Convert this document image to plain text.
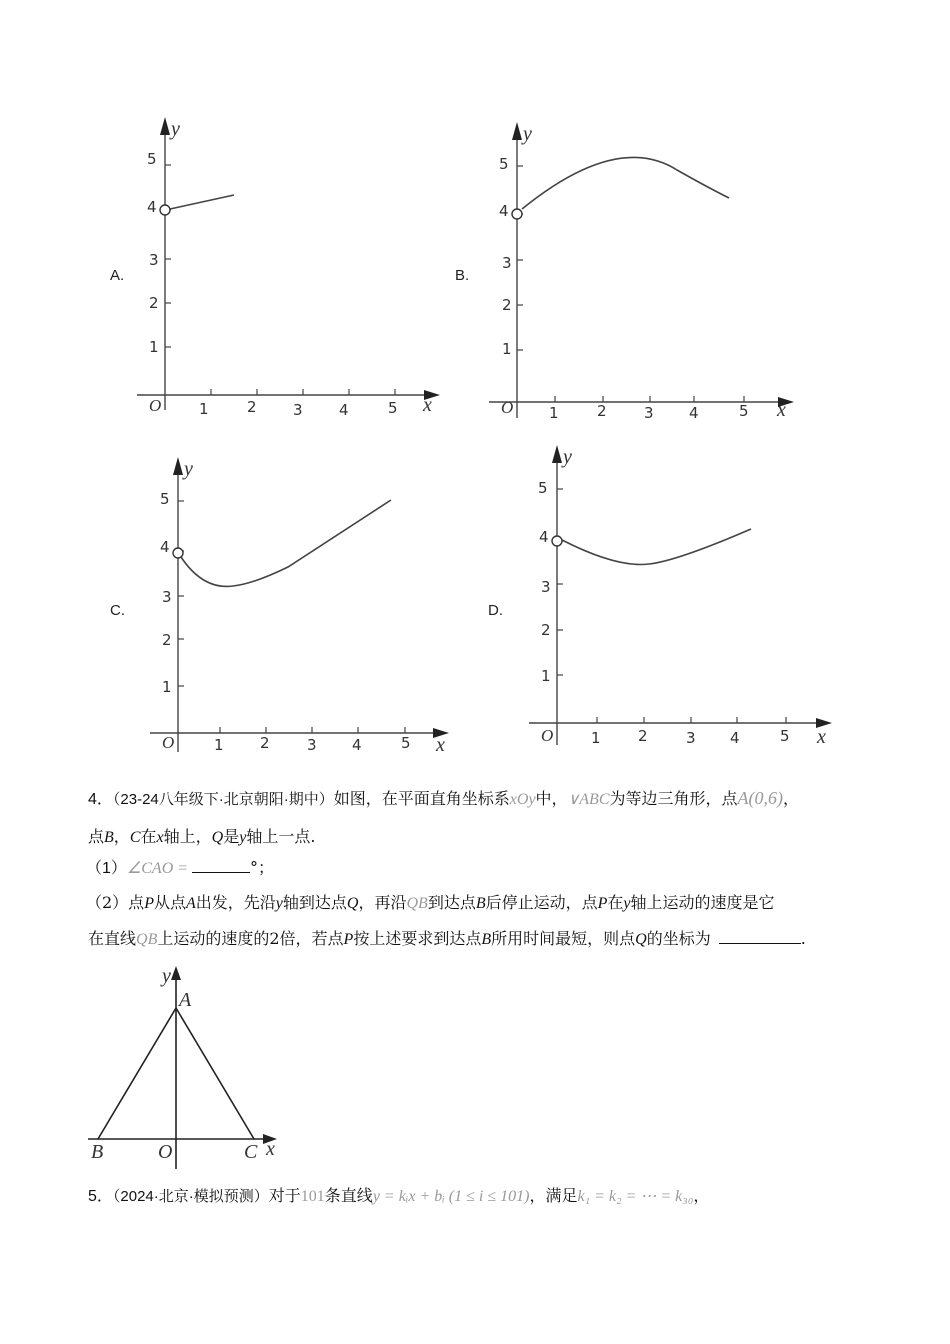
A.
y
x
O	1	2 3 4	5
1
2
3
4
5
B.
y
x
O 1	2 3 4	5
1
2
3
4
5
C.
y
x
O	1 2 3 4	5
1
2
3
4
5
D.
y
x
O	1 2	3 4	5
1
2
3
4
5
4．（23-24八年级下·北京朝阳·期中）如图，在平面直角坐标系xOy中，∨ABC为等边三角形，点A(0,6)，
点B，C在x轴上，Q是y轴上一点.
（1）∠CAO =	°；
（2）点P从点A出发，先沿y轴到达点Q，再沿QB到达点B后停止运动，点P在y轴上运动的速度是它
在直线QB上运动的速度的2倍，若点P按上述要求到达点B所用时间最短，则点Q的坐标为	.
y
x
A
B	O	C
5．（2024·北京·模拟预测）对于101条直线y = kᵢx + bᵢ (1 ≤ i ≤ 101)，满足k₁ = k₂ = ⋯ = k₃₀，
